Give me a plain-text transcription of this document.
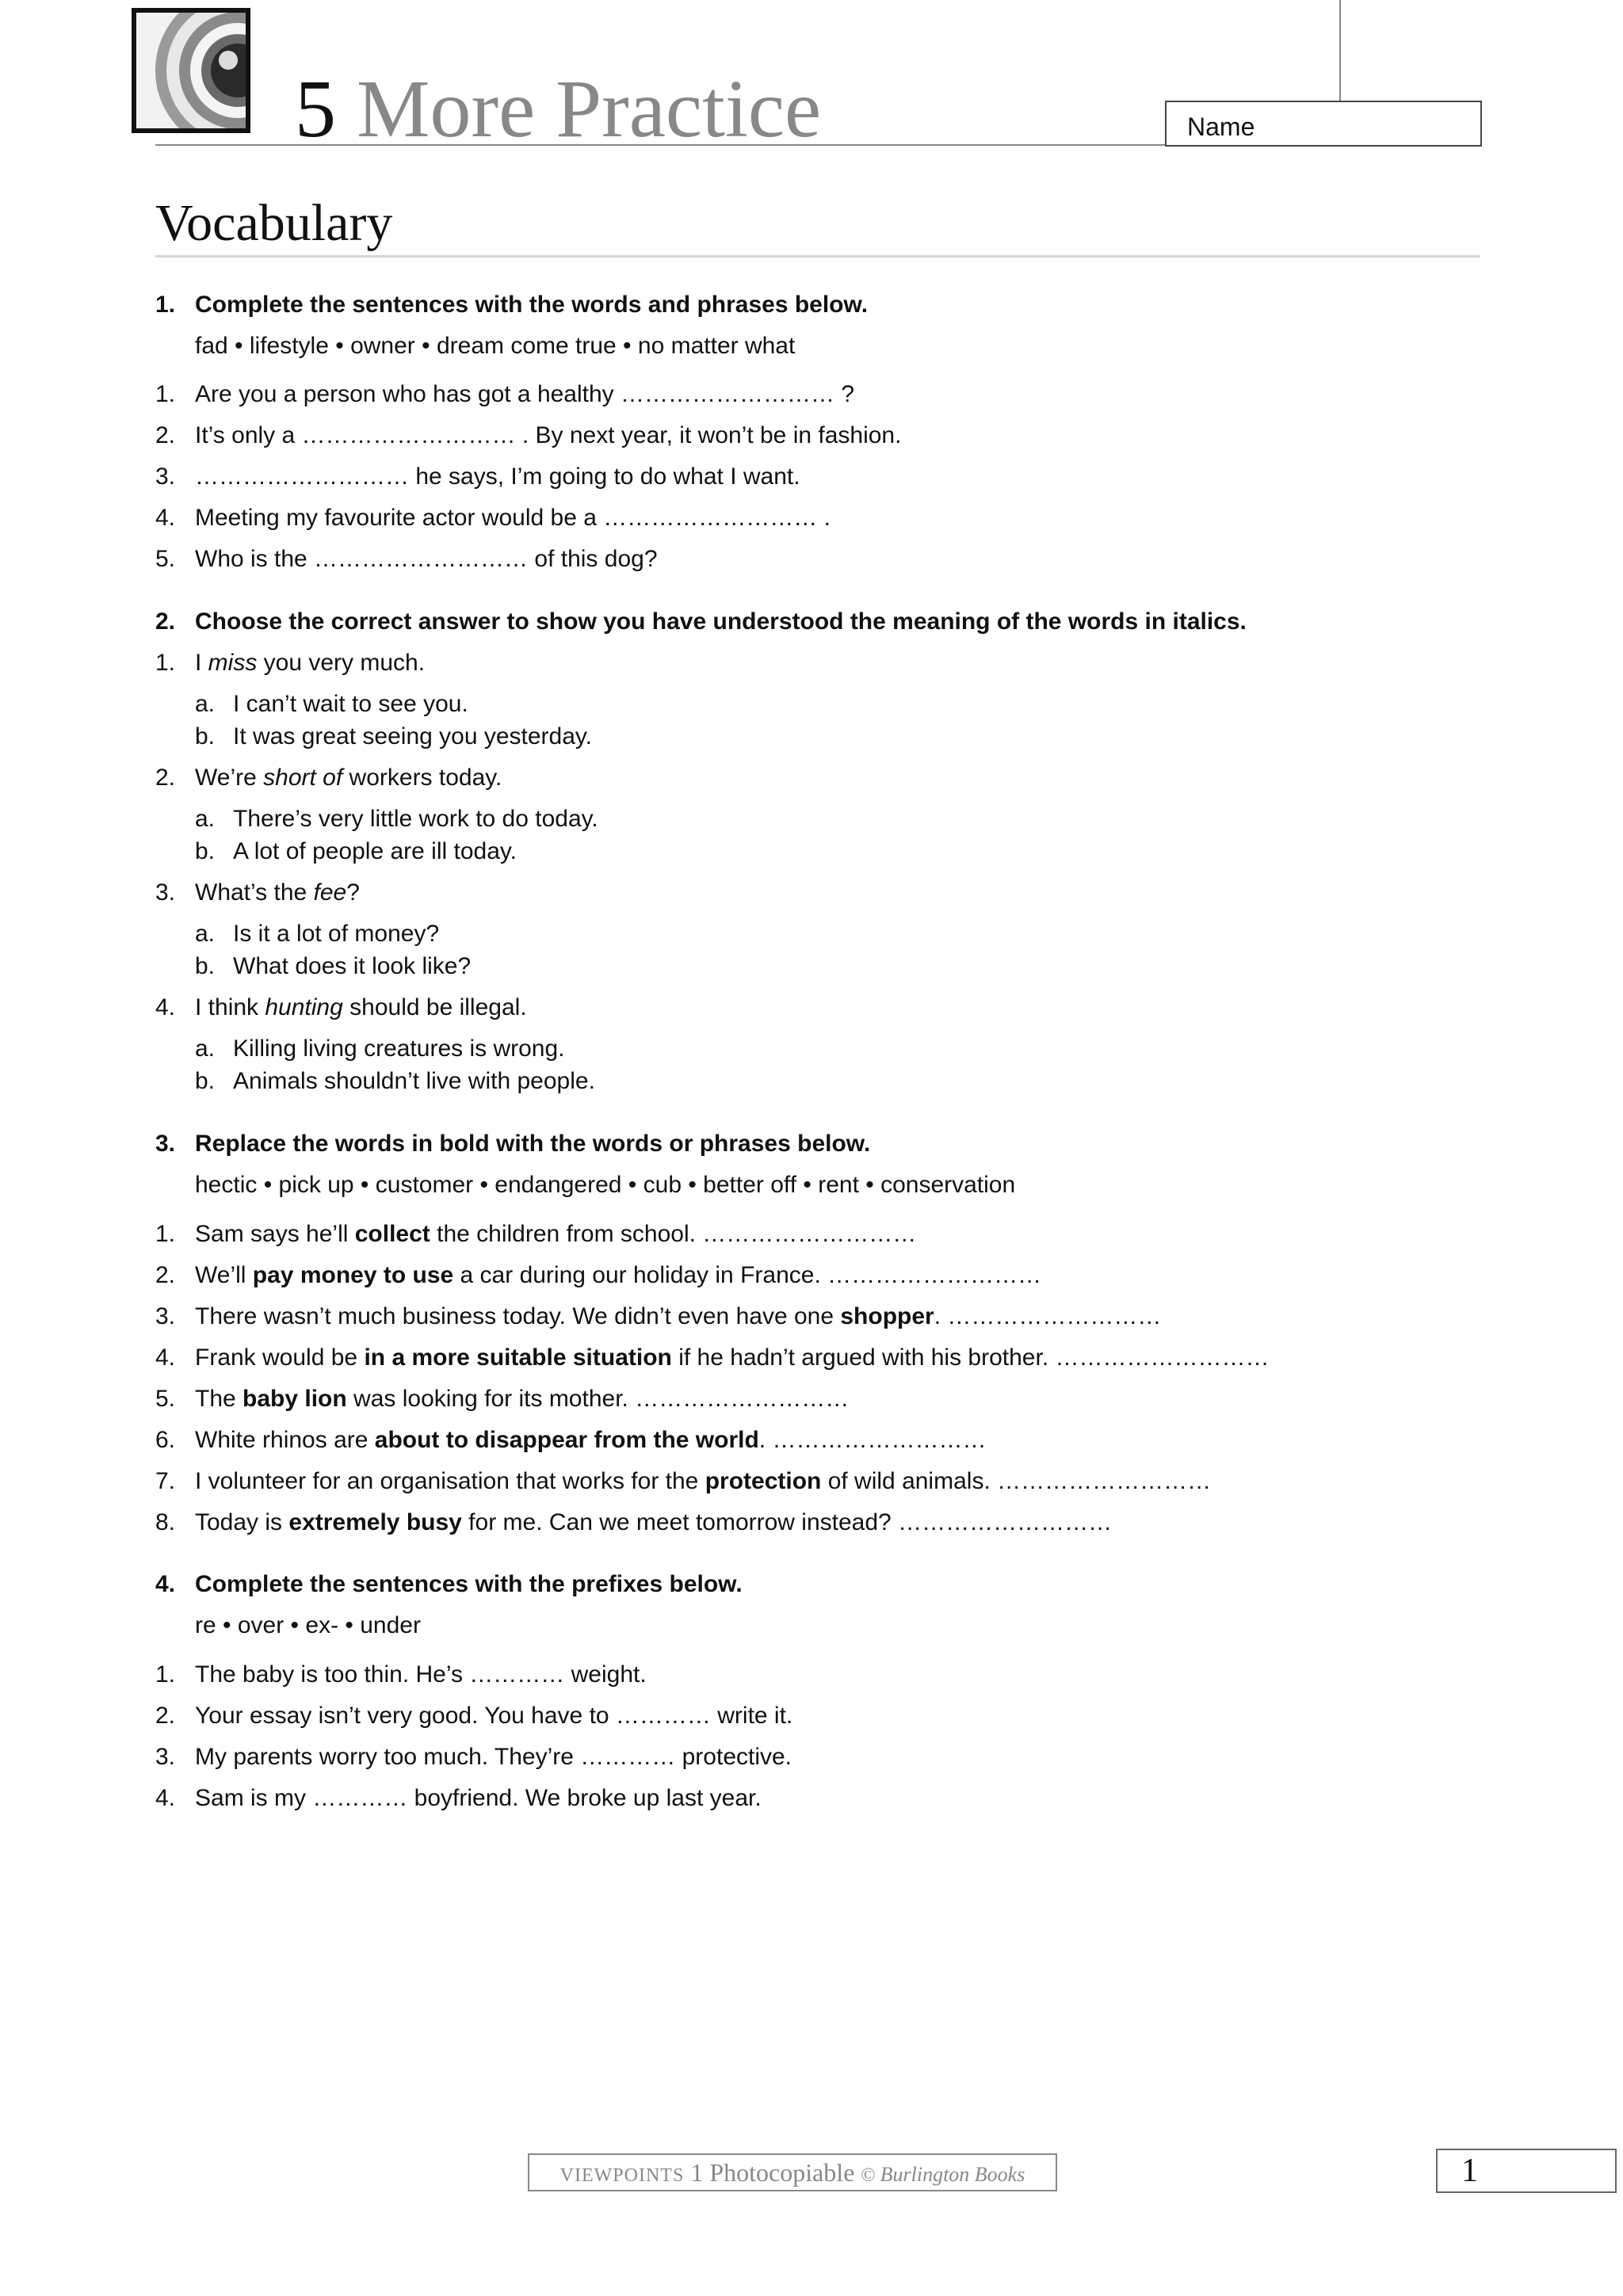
5 More Practice	Name
Vocabulary
1. Complete the sentences with the words and phrases below.
fad • lifestyle • owner • dream come true • no matter what
1. Are you a person who has got a healthy ……………………… ?
2. It’s only a ……………………… . By next year, it won’t be in fashion.
3. ……………………… he says, I’m going to do what I want.
4. Meeting my favourite actor would be a ……………………… .
5. Who is the ……………………… of this dog?
2. Choose the correct answer to show you have understood the meaning of the words in italics.
1. I miss you very much.
a. I can’t wait to see you.
b. It was great seeing you yesterday.
2. We’re short of workers today.
a. There’s very little work to do today.
b. A lot of people are ill today.
3. What’s the fee?
a. Is it a lot of money?
b. What does it look like?
4. I think hunting should be illegal.
a. Killing living creatures is wrong.
b. Animals shouldn’t live with people.
3. Replace the words in bold with the words or phrases below.
hectic • pick up • customer • endangered • cub • better off • rent • conservation
1. Sam says he’ll collect the children from school. ………………………
2. We’ll pay money to use a car during our holiday in France. ………………………
3. There wasn’t much business today. We didn’t even have one shopper. ………………………
4. Frank would be in a more suitable situation if he hadn’t argued with his brother. ………………………
5. The baby lion was looking for its mother. ………………………
6. White rhinos are about to disappear from the world. ………………………
7. I volunteer for an organisation that works for the protection of wild animals. ………………………
8. Today is extremely busy for me. Can we meet tomorrow instead? ………………………
4. Complete the sentences with the prefixes below.
re • over • ex- • under
1. The baby is too thin. He’s ………… weight.
2. Your essay isn’t very good. You have to ………… write it.
3. My parents worry too much. They’re ………… protective.
4. Sam is my ………… boyfriend. We broke up last year.
VIEWPOINTS 1 Photocopiable © Burlington Books	1
